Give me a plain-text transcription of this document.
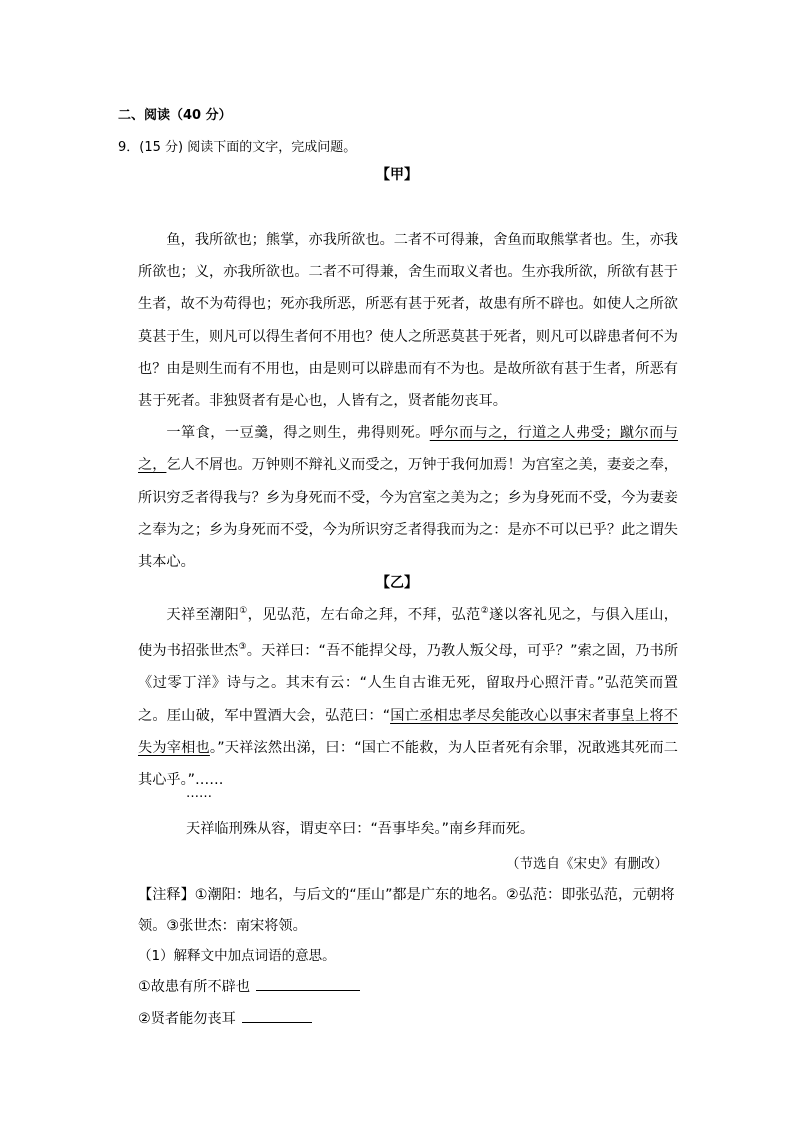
二、阅读（40 分）
9．(15 分) 阅读下面的文字，完成问题。
【甲】

鱼，我所欲也；熊掌，亦我所欲也。二者不可得兼，舍鱼而取熊掌者也。生，亦我所欲也；义，亦我所欲也。二者不可得兼，舍生而取义者也。生亦我所欲，所欲有甚于生者，故不为苟得也；死亦我所恶，所恶有甚于死者，故患有所不辟也。如使人之所欲莫甚于生，则凡可以得生者何不用也？使人之所恶莫甚于死者，则凡可以辟患者何不为也？由是则生而有不用也，由是则可以辟患而有不为也。是故所欲有甚于生者，所恶有甚于死者。非独贤者有是心也，人皆有之，贤者能勿丧耳。

一箪食，一豆羹，得之则生，弗得则死。呼尔而与之，行道之人弗受；蹴尔而与之，乞人不屑也。万钟则不辩礼义而受之，万钟于我何加焉！为宫室之美，妻妾之奉，所识穷乏者得我与？乡为身死而不受，今为宫室之美为之；乡为身死而不受，今为妻妾之奉为之；乡为身死而不受，今为所识穷乏者得我而为之：是亦不可以已乎？此之谓失其本心。

【乙】

天祥至潮阳①，见弘范，左右命之拜，不拜，弘范②遂以客礼见之，与俱入厓山，使为书招张世杰③。天祥曰：“吾不能捍父母，乃教人叛父母，可乎？”索之固，乃书所《过零丁洋》诗与之。其末有云：“人生自古谁无死，留取丹心照汗青。”弘范笑而置之。厓山破，军中置酒大会，弘范曰：“国亡丞相忠孝尽矣能改心以事宋者事皇上将不失为宰相也。”天祥泫然出涕，曰：“国亡不能救，为人臣者死有余罪，况敢逃其死而二其心乎。”……

……
天祥临刑殊从容，谓吏卒曰：“吾事毕矣。”南乡拜而死。
（节选自《宋史》有删改）
【注释】①潮阳：地名，与后文的“厓山”都是广东的地名。②弘范：即张弘范，元朝将领。③张世杰：南宋将领。
（1）解释文中加点词语的意思。
①故患有所不辟也
②贤者能勿丧耳
